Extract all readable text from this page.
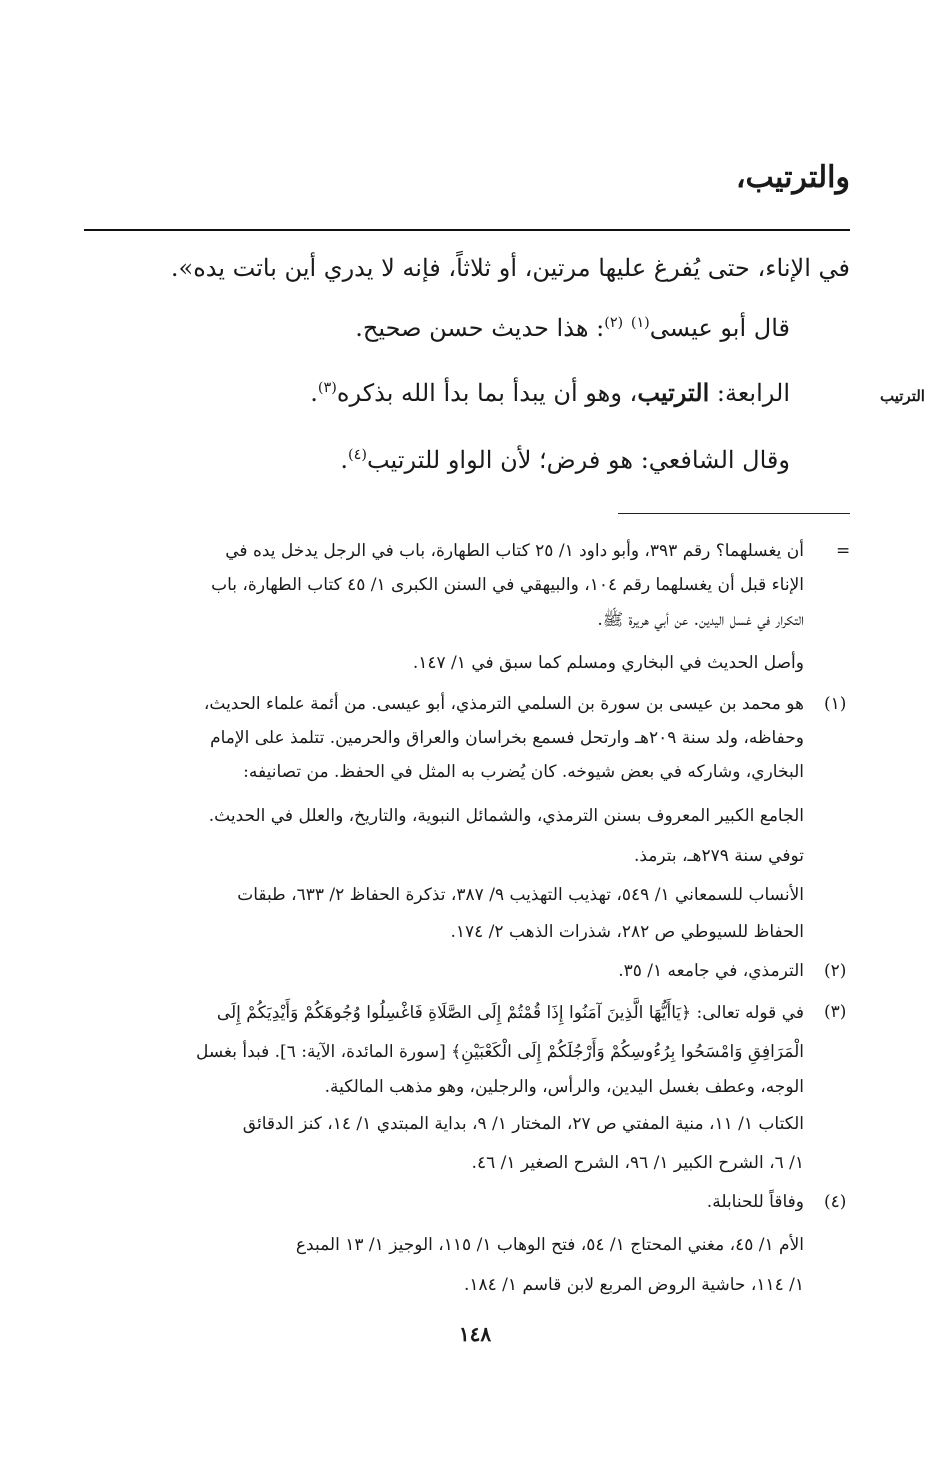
والترتيب،
في الإناء، حتى يُفرغ عليها مرتين، أو ثلاثاً، فإنه لا يدري أين باتت يده».
قال أبو عيسى$^{(١)}$ $^{(٢)}$: هذا حديث حسن صحيح.
الرابعة: الترتيب، وهو أن يبدأ بما بدأ الله بذكره$^{(٣)}$.
وقال الشافعي: هو فرض؛ لأن الواو للترتيب$^{(٤)}$.
الترتيب
=
أن يغسلهما؟ رقم ٣٩٣، وأبو داود ١/ ٢٥ كتاب الطهارة، باب في الرجل يدخل يده في
الإناء قبل أن يغسلهما رقم ١٠٤، والبيهقي في السنن الكبرى ١/ ٤٥ كتاب الطهارة، باب
التكرار في غسل اليدين. عن أبي هريرة ﷺ.
وأصل الحديث في البخاري ومسلم كما سبق في ١/ ١٤٧.
(١)
هو محمد بن عيسى بن سورة بن السلمي الترمذي، أبو عيسى. من أئمة علماء الحديث،
وحفاظه، ولد سنة ٢٠٩هـ وارتحل فسمع بخراسان والعراق والحرمين. تتلمذ على الإمام
البخاري، وشاركه في بعض شيوخه. كان يُضرب به المثل في الحفظ. من تصانيفه:
الجامع الكبير المعروف بسنن الترمذي، والشمائل النبوية، والتاريخ، والعلل في الحديث.
توفي سنة ٢٧٩هـ، بترمذ.
الأنساب للسمعاني ١/ ٥٤٩، تهذيب التهذيب ٩/ ٣٨٧، تذكرة الحفاظ ٢/ ٦٣٣، طبقات
الحفاظ للسيوطي ص ٢٨٢، شذرات الذهب ٢/ ١٧٤.
(٢)
الترمذي، في جامعه ١/ ٣٥.
(٣)
في قوله تعالى: ﴿يَاأَيُّهَا الَّذِينَ آمَنُوا إِذَا قُمْتُمْ إِلَى الصَّلَاةِ فَاغْسِلُوا وُجُوهَكُمْ وَأَيْدِيَكُمْ إِلَى
الْمَرَافِقِ وَامْسَحُوا بِرُءُوسِكُمْ وَأَرْجُلَكُمْ إِلَى الْكَعْبَيْنِ﴾ [سورة المائدة، الآية: ٦]. فبدأ بغسل
الوجه، وعطف بغسل اليدين، والرأس، والرجلين، وهو مذهب المالكية.
الكتاب ١/ ١١، منية المفتي ص ٢٧، المختار ١/ ٩، بداية المبتدي ١/ ١٤، كنز الدقائق
١/ ٦، الشرح الكبير ١/ ٩٦، الشرح الصغير ١/ ٤٦.
(٤)
وفاقاً للحنابلة.
الأم ١/ ٤٥، مغني المحتاج ١/ ٥٤، فتح الوهاب ١/ ١١٥، الوجيز ١/ ١٣ المبدع
١/ ١١٤، حاشية الروض المربع لابن قاسم ١/ ١٨٤.
١٤٨
